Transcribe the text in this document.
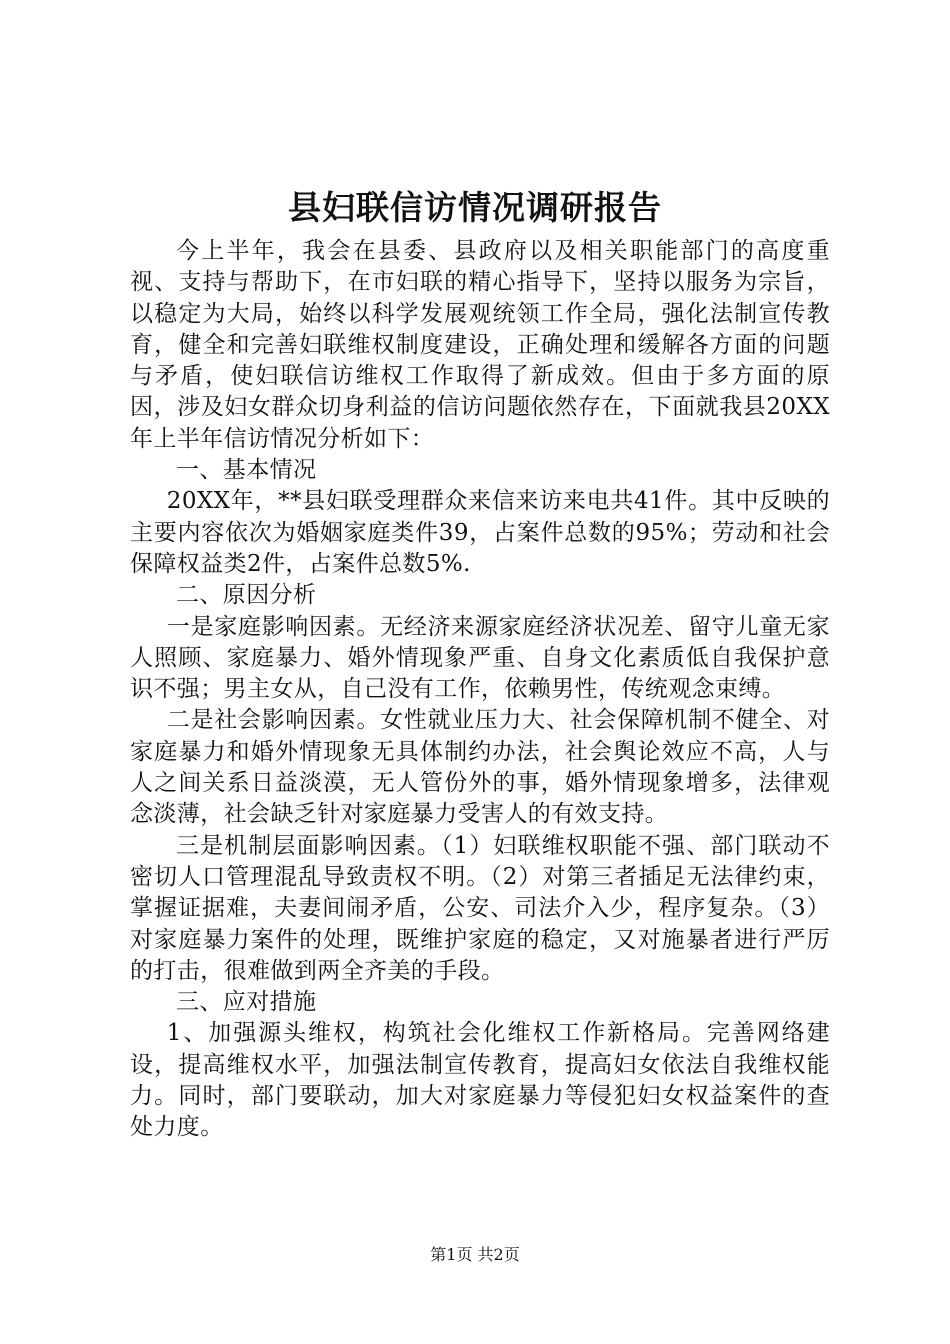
县妇联信访情况调研报告

今上半年，我会在县委、县政府以及相关职能部门的高度重视、支持与帮助下，在市妇联的精心指导下，坚持以服务为宗旨，以稳定为大局，始终以科学发展观统领工作全局，强化法制宣传教育，健全和完善妇联维权制度建设，正确处理和缓解各方面的问题与矛盾，使妇联信访维权工作取得了新成效。但由于多方面的原因，涉及妇女群众切身利益的信访问题依然存在，下面就我县20XX年上半年信访情况分析如下：

一、基本情况

20XX年，**县妇联受理群众来信来访来电共41件。其中反映的主要内容依次为婚姻家庭类件39，占案件总数的95%；劳动和社会保障权益类2件，占案件总数5%.

二、原因分析

一是家庭影响因素。无经济来源家庭经济状况差、留守儿童无家人照顾、家庭暴力、婚外情现象严重、自身文化素质低自我保护意识不强；男主女从，自己没有工作，依赖男性，传统观念束缚。

二是社会影响因素。女性就业压力大、社会保障机制不健全、对家庭暴力和婚外情现象无具体制约办法，社会舆论效应不高，人与人之间关系日益淡漠，无人管份外的事，婚外情现象增多，法律观念淡薄，社会缺乏针对家庭暴力受害人的有效支持。

三是机制层面影响因素。（1）妇联维权职能不强、部门联动不密切人口管理混乱导致责权不明。（2）对第三者插足无法律约束，掌握证据难，夫妻间闹矛盾，公安、司法介入少，程序复杂。（3）对家庭暴力案件的处理，既维护家庭的稳定，又对施暴者进行严厉的打击，很难做到两全齐美的手段。

三、应对措施

1、加强源头维权，构筑社会化维权工作新格局。完善网络建设，提高维权水平，加强法制宣传教育，提高妇女依法自我维权能力。同时，部门要联动，加大对家庭暴力等侵犯妇女权益案件的查处力度。

第1页 共2页
